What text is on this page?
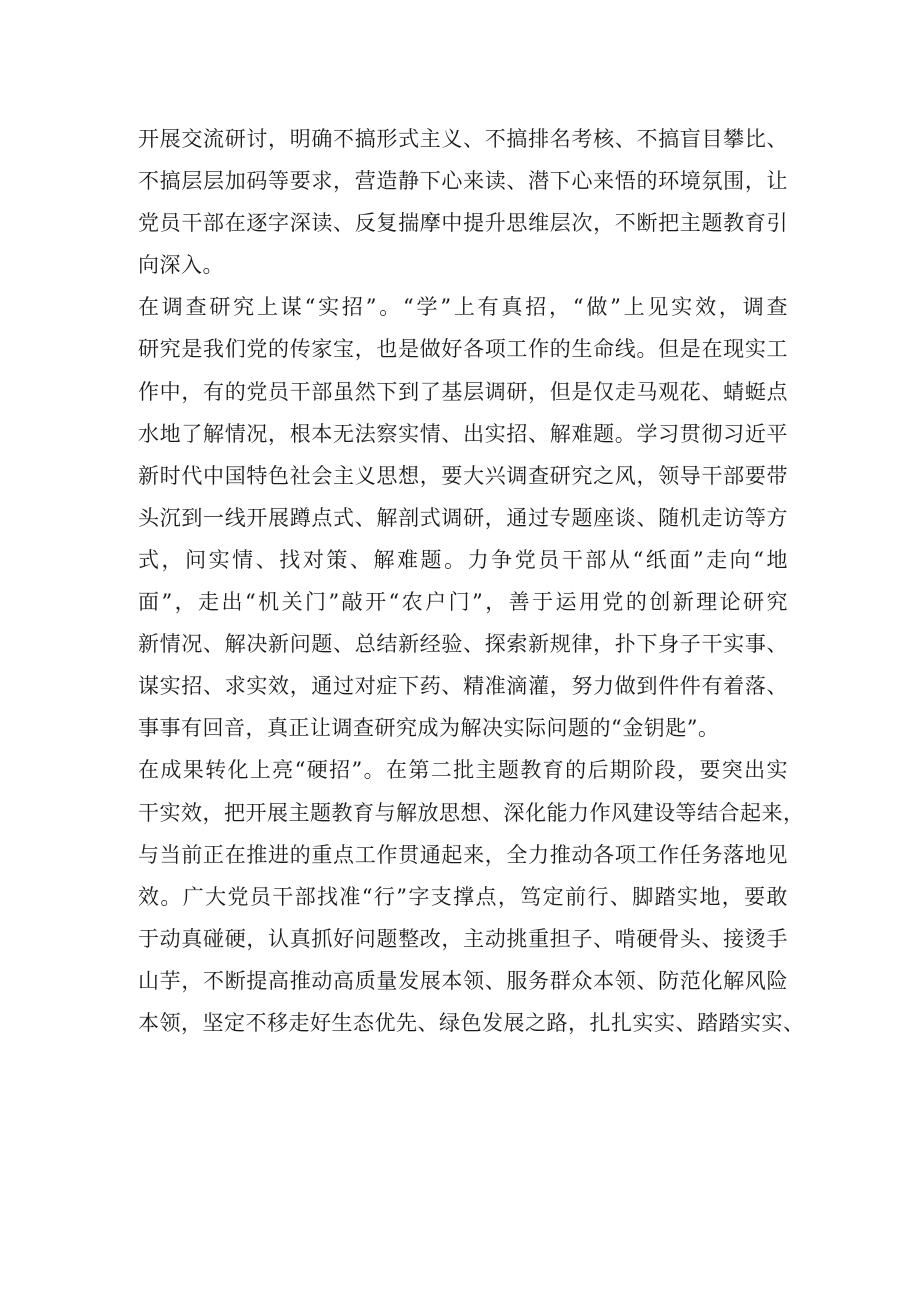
开展交流研讨，明确不搞形式主义、不搞排名考核、不搞盲目攀比、
不搞层层加码等要求，营造静下心来读、潜下心来悟的环境氛围，让
党员干部在逐字深读、反复揣摩中提升思维层次，不断把主题教育引
向深入。
在调查研究上谋“实招”。“学”上有真招，“做”上见实效，调查
研究是我们党的传家宝，也是做好各项工作的生命线。但是在现实工
作中，有的党员干部虽然下到了基层调研，但是仅走马观花、蜻蜓点
水地了解情况，根本无法察实情、出实招、解难题。学习贯彻习近平
新时代中国特色社会主义思想，要大兴调查研究之风，领导干部要带
头沉到一线开展蹲点式、解剖式调研，通过专题座谈、随机走访等方
式，问实情、找对策、解难题。力争党员干部从“纸面”走向“地
面”，走出“机关门”敲开“农户门”，善于运用党的创新理论研究
新情况、解决新问题、总结新经验、探索新规律，扑下身子干实事、
谋实招、求实效，通过对症下药、精准滴灌，努力做到件件有着落、
事事有回音，真正让调查研究成为解决实际问题的“金钥匙”。
在成果转化上亮“硬招”。在第二批主题教育的后期阶段，要突出实
干实效，把开展主题教育与解放思想、深化能力作风建设等结合起来，
与当前正在推进的重点工作贯通起来，全力推动各项工作任务落地见
效。广大党员干部找准“行”字支撑点，笃定前行、脚踏实地，要敢
于动真碰硬，认真抓好问题整改，主动挑重担子、啃硬骨头、接烫手
山芋，不断提高推动高质量发展本领、服务群众本领、防范化解风险
本领，坚定不移走好生态优先、绿色发展之路，扎扎实实、踏踏实实、
